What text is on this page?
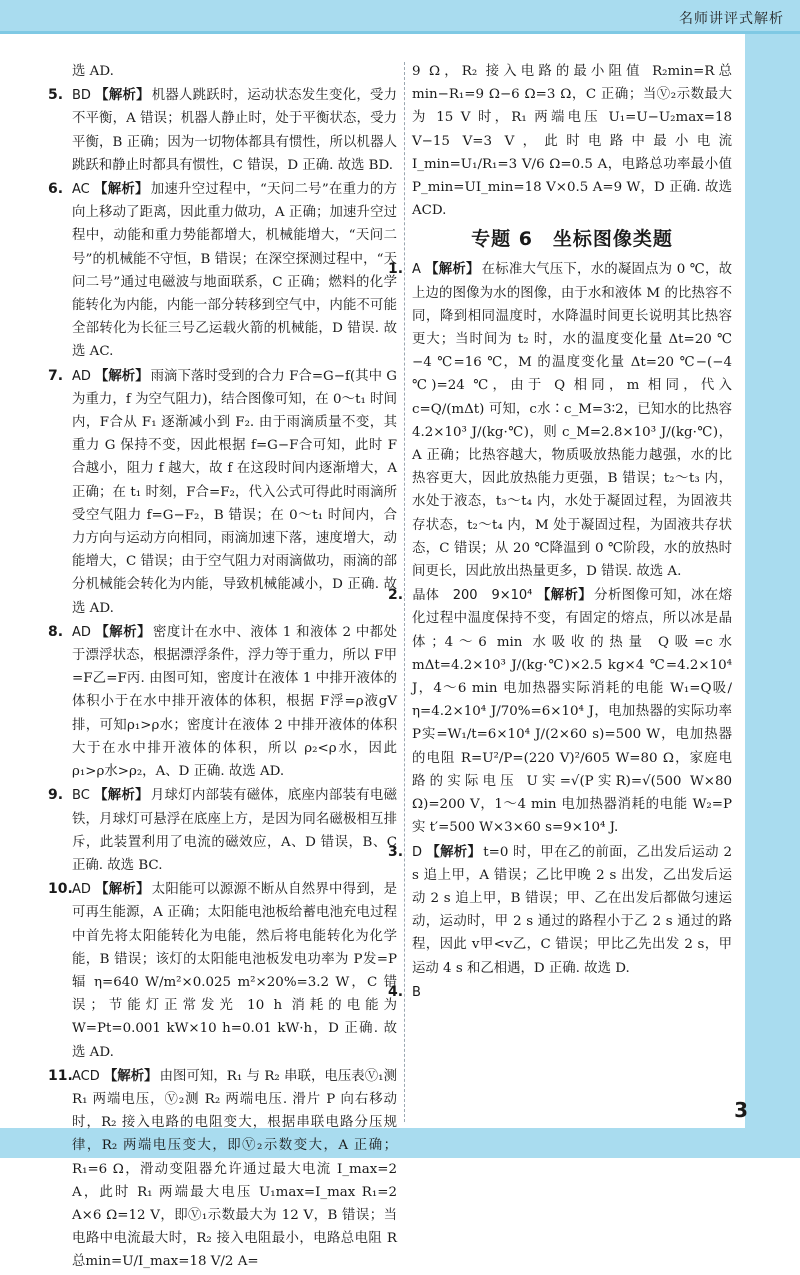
名师讲评式解析
选 AD.
5. BD 【解析】 机器人跳跃时，运动状态发生变化，受力不平衡，A 错误；机器人静止时，处于平衡状态，受力平衡，B 正确；因为一切物体都具有惯性，所以机器人跳跃和静止时都具有惯性，C 错误，D 正确. 故选 BD.
6. AC 【解析】 加速升空过程中，“天问二号”在重力的方向上移动了距离，因此重力做功，A 正确；加速升空过程中，动能和重力势能都增大，机械能增大，“天问二号”的机械能不守恒，B 错误；在深空探测过程中，“天问二号”通过电磁波与地面联系，C 正确；燃料的化学能转化为内能，内能一部分转移到空气中，内能不可能全部转化为长征三号乙运载火箭的机械能，D 错误. 故选 AC.
7. AD 【解析】 雨滴下落时受到的合力 F合=G−f(其中 G 为重力，f 为空气阻力)，结合图像可知，在 0～t₁ 时间内，F合从 F₁ 逐渐减小到 F₂. 由于雨滴质量不变，其重力 G 保持不变，因此根据 f=G−F合可知，此时 F合越小，阻力 f 越大，故 f 在这段时间内逐渐增大，A 正确；在 t₁ 时刻，F合=F₂，代入公式可得此时雨滴所受空气阻力 f=G−F₂，B 错误；在 0～t₁ 时间内，合力方向与运动方向相同，雨滴加速下落，速度增大，动能增大，C 错误；由于空气阻力对雨滴做功，雨滴的部分机械能会转化为内能，导致机械能减小，D 正确. 故选 AD.
8. AD 【解析】 密度计在水中、液体 1 和液体 2 中都处于漂浮状态，根据漂浮条件，浮力等于重力，所以 F甲=F乙=F丙. 由图可知，密度计在液体 1 中排开液体的体积小于在水中排开液体的体积，根据 F浮=ρ液gV排，可知ρ₁>ρ水；密度计在液体 2 中排开液体的体积大于在水中排开液体的体积，所以 ρ₂<ρ水，因此 ρ₁>ρ水>ρ₂，A、D 正确. 故选 AD.
9. BC 【解析】 月球灯内部装有磁体，底座内部装有电磁铁，月球灯可悬浮在底座上方，是因为同名磁极相互排斥，此装置利用了电流的磁效应，A、D 错误，B、C 正确. 故选 BC.
10.AD 【解析】 太阳能可以源源不断从自然界中得到，是可再生能源，A 正确；太阳能电池板给蓄电池充电过程中首先将太阳能转化为电能，然后将电能转化为化学能，B 错误；该灯的太阳能电池板发电功率为 P发=P辐 η=640 W/m²×0.025 m²×20%=3.2 W，C 错误；节能灯正常发光 10 h 消耗的电能为 W=Pt=0.001 kW×10 h=0.01 kW·h，D 正确. 故选 AD.
11.ACD 【解析】 由图可知，R₁ 与 R₂ 串联，电压表Ⓥ₁测 R₁ 两端电压，Ⓥ₂测 R₂ 两端电压. 滑片 P 向右移动时，R₂ 接入电路的电阻变大，根据串联电路分压规律，R₂ 两端电压变大，即Ⓥ₂示数变大，A 正确；R₁=6 Ω，滑动变阻器允许通过最大电流 I_max=2 A，此时 R₁ 两端最大电压 U₁max=I_max R₁=2 A×6 Ω=12 V，即Ⓥ₁示数最大为 12 V，B 错误；当电路中电流最大时，R₂ 接入电阻最小，电路总电阻 R总min=U/I_max=18 V/2 A=
9 Ω，R₂ 接入电路的最小阻值 R₂min=R总min−R₁=9 Ω−6 Ω=3 Ω，C 正确；当Ⓥ₂示数最大为 15 V 时，R₁ 两端电压 U₁=U−U₂max=18 V−15 V=3 V，此时电路中最小电流 I_min=U₁/R₁=3 V/6 Ω=0.5 A，电路总功率最小值 P_min=UI_min=18 V×0.5 A=9 W，D 正确. 故选 ACD.
专题 6　坐标图像类题
1. A 【解析】 在标准大气压下，水的凝固点为 0 ℃，故上边的图像为水的图像，由于水和液体 M 的比热容不同，降到相同温度时，水降温时间更长说明其比热容更大；当时间为 t₂ 时，水的温度变化量 Δt=20 ℃−4 ℃=16 ℃，M 的温度变化量 Δt=20 ℃−(−4 ℃)=24 ℃，由于 Q 相同，m 相同，代入 c=Q/(mΔt) 可知，c水∶c_M=3∶2，已知水的比热容 4.2×10³ J/(kg·℃)，则 c_M=2.8×10³ J/(kg·℃)，A 正确；比热容越大，物质吸放热能力越强，水的比热容更大，因此放热能力更强，B 错误；t₂～t₃ 内，水处于液态，t₃～t₄ 内，水处于凝固过程，为固液共存状态，t₂～t₄ 内，M 处于凝固过程，为固液共存状态，C 错误；从 20 ℃降温到 0 ℃阶段，水的放热时间更长，因此放出热量更多，D 错误. 故选 A.
2. 晶体　200　9×10⁴ 【解析】 分析图像可知，冰在熔化过程中温度保持不变，有固定的熔点，所以冰是晶体；4～6 min 水吸收的热量 Q吸=c水 mΔt=4.2×10³ J/(kg·℃)×2.5 kg×4 ℃=4.2×10⁴ J，4～6 min 电加热器实际消耗的电能 W₁=Q吸/η=4.2×10⁴ J/70%=6×10⁴ J，电加热器的实际功率 P实=W₁/t=6×10⁴ J/(2×60 s)=500 W，电加热器的电阻 R=U²/P=(220 V)²/605 W=80 Ω，家庭电路的实际电压 U实=√(P实R)=√(500 W×80 Ω)=200 V，1～4 min 电加热器消耗的电能 W₂=P实 t′=500 W×3×60 s=9×10⁴ J.
3. D 【解析】 t=0 时，甲在乙的前面，乙出发后运动 2 s 追上甲，A 错误；乙比甲晚 2 s 出发，乙出发后运动 2 s 追上甲，B 错误；甲、乙在出发后都做匀速运动，运动时，甲 2 s 通过的路程小于乙 2 s 通过的路程，因此 v甲<v乙，C 错误；甲比乙先出发 2 s，甲运动 4 s 和乙相遇，D 正确. 故选 D.
4. B
3
